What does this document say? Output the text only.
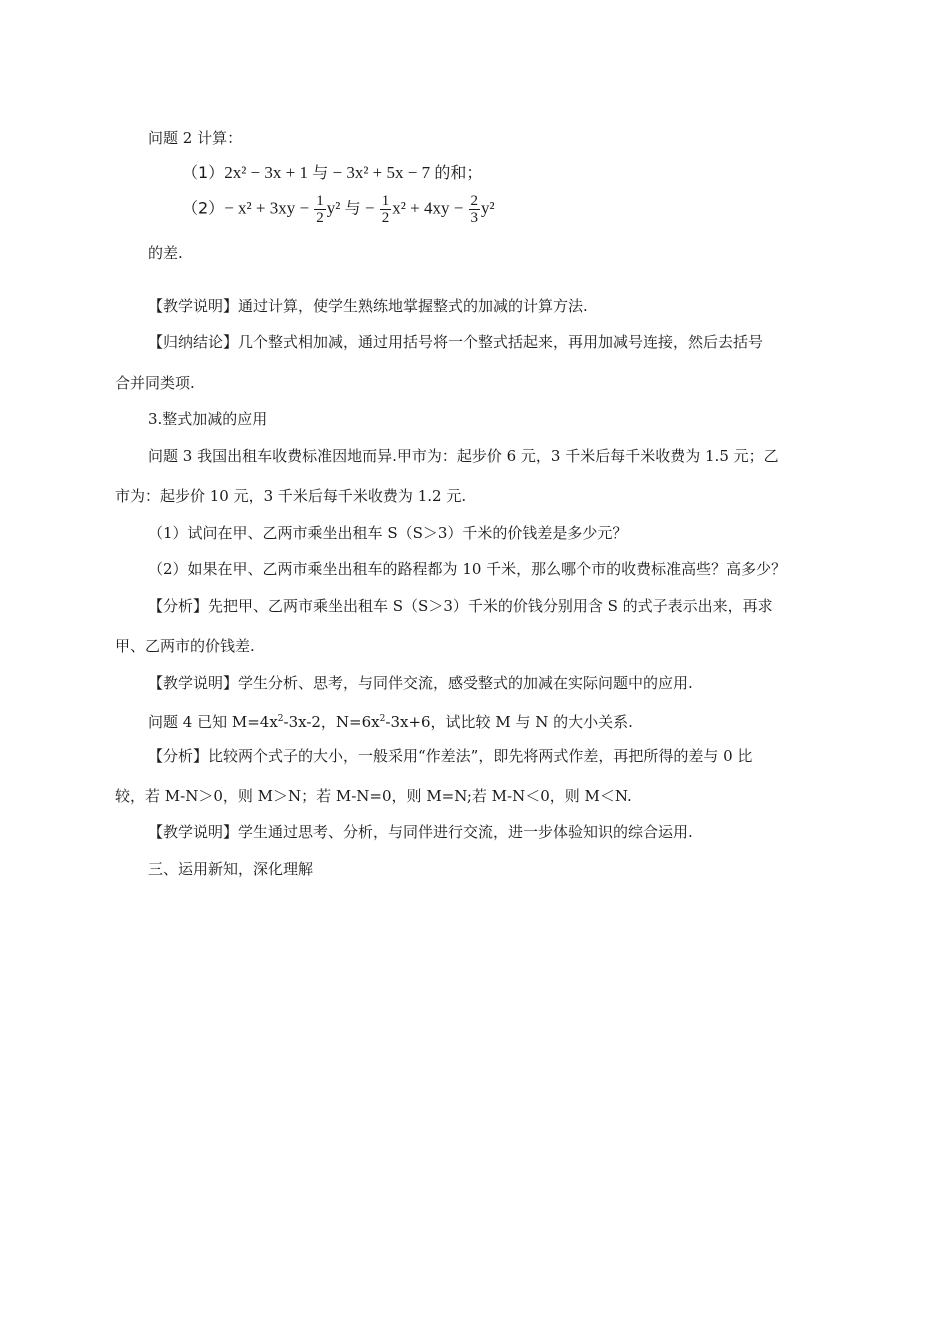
问题 2 计算：
（1）2x² − 3x + 1 与 − 3x² + 5x − 7 的和；
$(2)- x^2 + 3xy - \frac{1}{2} y^2$ 与 − $\frac{1}{2} x^2 + 4xy - \frac{2}{3} y^2$
的差.
【教学说明】通过计算，使学生熟练地掌握整式的加减的计算方法.
【归纳结论】几个整式相加减，通过用括号将一个整式括起来，再用加减号连接，然后去括号
合并同类项.
3.整式加减的应用
问题 3 我国出租车收费标准因地而异.甲市为：起步价 6 元，3 千米后每千米收费为 1.5 元；乙
市为：起步价 10 元，3 千米后每千米收费为 1.2 元.
（1）试问在甲、乙两市乘坐出租车 S（S＞3）千米的价钱差是多少元？
（2）如果在甲、乙两市乘坐出租车的路程都为 10 千米，那么哪个市的收费标准高些？高多少？
【分析】先把甲、乙两市乘坐出租车 S（S＞3）千米的价钱分别用含 S 的式子表示出来，再求
甲、乙两市的价钱差.
【教学说明】学生分析、思考，与同伴交流，感受整式的加减在实际问题中的应用.
问题 4 已知 $M=4x^2-3x-2$，$N=6x^2-3x+6$，试比较 M 与 N 的大小关系.
【分析】比较两个式子的大小，一般采用“作差法”，即先将两式作差，再把所得的差与 0 比
较，若 M-N＞0，则 M＞N；若 M-N=0，则 M=N;若 M-N＜0，则 M＜N.
【教学说明】学生通过思考、分析，与同伴进行交流，进一步体验知识的综合运用.
三、运用新知，深化理解
